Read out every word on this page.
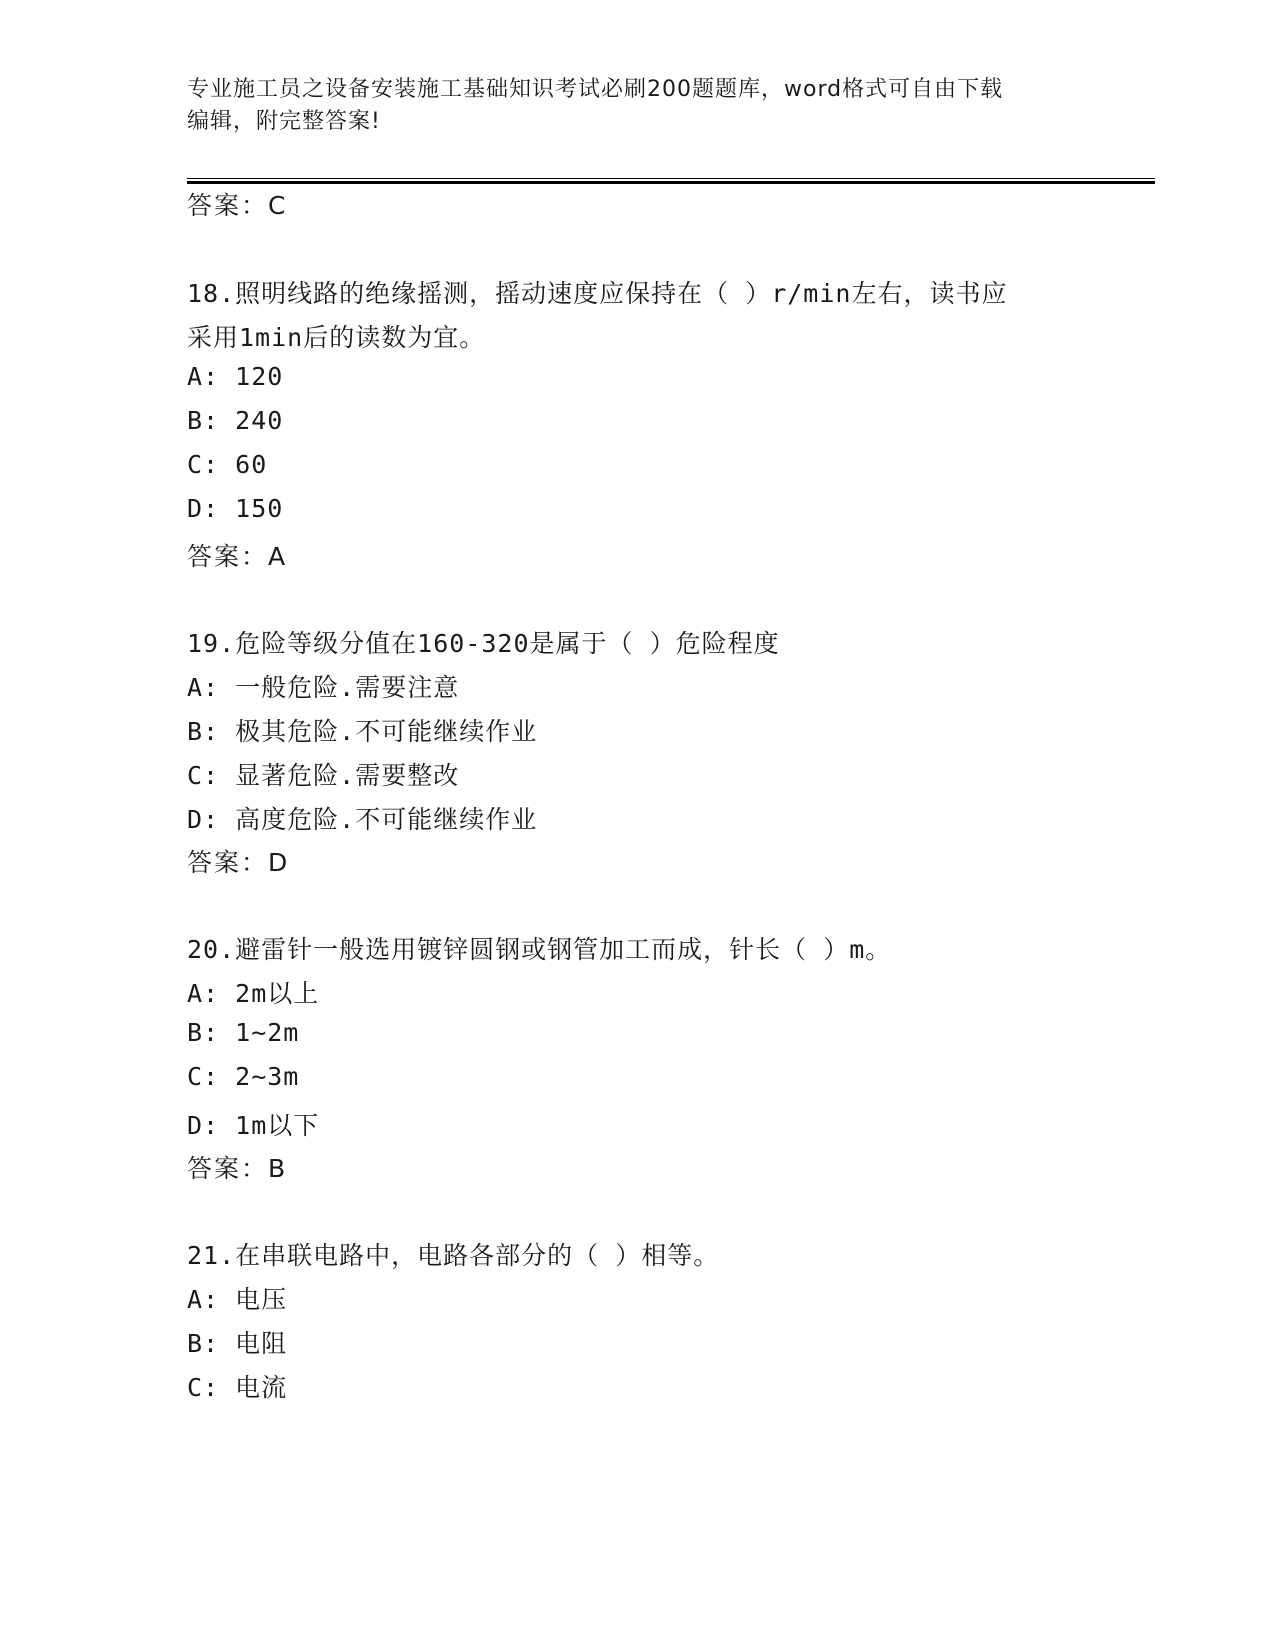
专业施工员之设备安装施工基础知识考试必刷200题题库，word格式可自由下载
编辑，附完整答案!
答案：C
18.照明线路的绝缘摇测，摇动速度应保持在（ ）r/min左右，读书应
采用1min后的读数为宜。
A: 120
B: 240
C: 60
D: 150
答案：A
19.危险等级分值在160-320是属于（ ）危险程度
A: 一般危险.需要注意
B: 极其危险.不可能继续作业
C: 显著危险.需要整改
D: 高度危险.不可能继续作业
答案：D
20.避雷针一般选用镀锌圆钢或钢管加工而成，针长（ ）m。
A: 2m以上
B: 1~2m
C: 2~3m
D: 1m以下
答案：B
21.在串联电路中，电路各部分的（ ）相等。
A: 电压
B: 电阻
C: 电流
